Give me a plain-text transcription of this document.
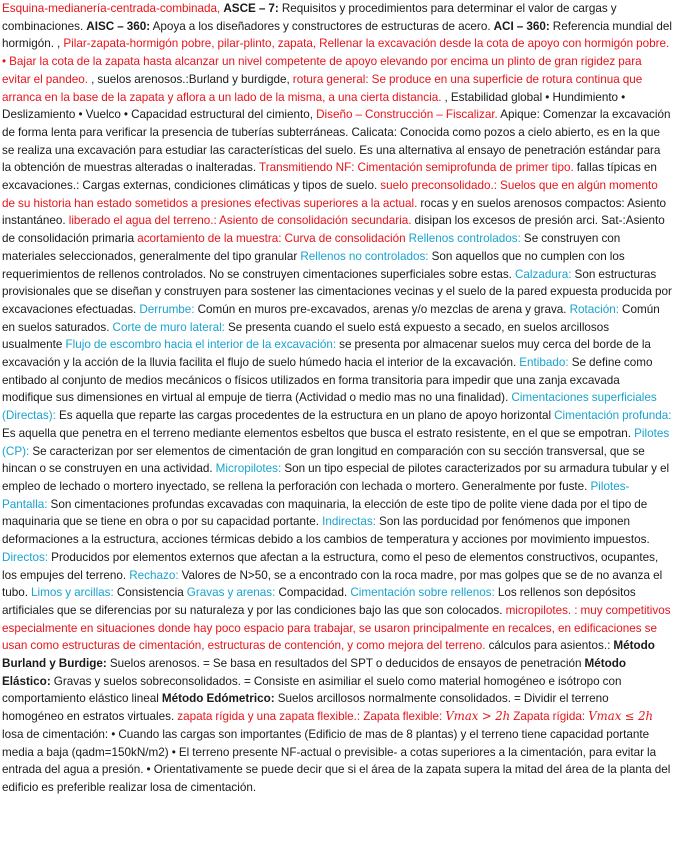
Esquina-medianería-centrada-combinada, ASCE – 7: Requisitos y procedimientos para determinar el valor de cargas y combinaciones. AISC – 360: Apoya a los diseñadores y constructores de estructuras de acero. ACI – 360: Referencia mundial del hormigón. , Pilar-zapata-hormigón pobre, pilar-plinto, zapata, Rellenar la excavación desde la cota de apoyo con hormigón pobre. • Bajar la cota de la zapata hasta alcanzar un nivel competente de apoyo elevando por encima un plinto de gran rigidez para evitar el pandeo. , suelos arenosos.:Burland y burdigde, rotura general: Se produce en una superficie de rotura continua que arranca en la base de la zapata y aflora a un lado de la misma, a una cierta distancia. , Estabilidad global • Hundimiento • Deslizamiento • Vuelco • Capacidad estructural del cimiento, Diseño – Construcción – Fiscalizar. Apique: Comenzar la excavación de forma lenta para verificar la presencia de tuberías subterráneas. Calicata: Conocida como pozos a cielo abierto, es en la que se realiza una excavación para estudiar las características del suelo. Es una alternativa al ensayo de penetración estándar para la obtención de muestras alteradas o inalteradas. Transmitiendo NF: Cimentación semiprofunda de primer tipo. fallas típicas en excavaciones.: Cargas externas, condiciones climáticas y tipos de suelo. suelo preconsolidado.: Suelos que en algún momento de su historia han estado sometidos a presiones efectivas superiores a la actual. rocas y en suelos arenosos compactos: Asiento instantáneo. liberado el agua del terreno.: Asiento de consolidación secundaria. disipan los excesos de presión arci. Sat-:Asiento de consolidación primaria acortamiento de la muestra: Curva de consolidación Rellenos controlados: Se construyen con materiales seleccionados, generalmente del tipo granular Rellenos no controlados: Son aquellos que no cumplen con los requerimientos de rellenos controlados. No se construyen cimentaciones superficiales sobre estas. Calzadura: Son estructuras provisionales que se diseñan y construyen para sostener las cimentaciones vecinas y el suelo de la pared expuesta producida por excavaciones efectuadas. Derrumbe: Común en muros pre-excavados, arenas y/o mezclas de arena y grava. Rotación: Común en suelos saturados. Corte de muro lateral: Se presenta cuando el suelo está expuesto a secado, en suelos arcillosos usualmente Flujo de escombro hacia el interior de la excavación: se presenta por almacenar suelos muy cerca del borde de la excavación y la acción de la lluvia facilita el flujo de suelo húmedo hacia el interior de la excavación. Entibado: Se define como entibado al conjunto de medios mecánicos o físicos utilizados en forma transitoria para impedir que una zanja excavada modifique sus dimensiones en virtual al empuje de tierra (Actividad o medio mas no una finalidad). Cimentaciones superficiales (Directas): Es aquella que reparte las cargas procedentes de la estructura en un plano de apoyo horizontal Cimentación profunda: Es aquella que penetra en el terreno mediante elementos esbeltos que busca el estrato resistente, en el que se empotran. Pilotes (CP): Se caracterizan por ser elementos de cimentación de gran longitud en comparación con su sección transversal, que se hincan o se construyen en una actividad. Micropilotes: Son un tipo especial de pilotes caracterizados por su armadura tubular y el empleo de lechado o mortero inyectado, se rellena la perforación con lechada o mortero. Generalmente por fuste. Pilotes-Pantalla: Son cimentaciones profundas excavadas con maquinaria, la elección de este tipo de polite viene dada por el tipo de maquinaria que se tiene en obra o por su capacidad portante. Indirectas: Son las porducidad por fenómenos que imponen deformaciones a la estructura, acciones térmicas debido a los cambios de temperatura y acciones por movimiento impuestos. Directos: Producidos por elementos externos que afectan a la estructura, como el peso de elementos constructivos, ocupantes, los empujes del terreno. Rechazo: Valores de N>50, se a encontrado con la roca madre, por mas golpes que se de no avanza el tubo. Limos y arcillas: Consistencia Gravas y arenas: Compacidad. Cimentación sobre rellenos: Los rellenos son depósitos artificiales que se diferencias por su naturaleza y por las condiciones bajo las que son colocados. micropilotes. : muy competitivos especialmente en situaciones donde hay poco espacio para trabajar, se usaron principalmente en recalces, en edificaciones se usan como estructuras de cimentación, estructuras de contención, y como mejora del terreno. cálculos para asientos.: Método Burland y Burdige: Suelos arenosos. = Se basa en resultados del SPT o deducidos de ensayos de penetración Método Elástico: Gravas y suelos sobreconsolidados. = Consiste en asimiliar el suelo como material homogéneo e isótropo con comportamiento elástico lineal Método Edómetrico: Suelos arcillosos normalmente consolidados. = Dividir el terreno homogéneo en estratos virtuales. zapata rígida y una zapata flexible.: Zapata flexible: Vmax > 2h Zapata rígida: Vmax ≤ 2h losa de cimentación: • Cuando las cargas son importantes (Edificio de mas de 8 plantas) y el terreno tiene capacidad portante media a baja (qadm=150kN/m2) • El terreno presente NF-actual o previsible- a cotas superiores a la cimentación, para evitar la entrada del agua a presión. • Orientativamente se puede decir que si el área de la zapata supera la mitad del área de la planta del edificio es preferible realizar losa de cimentación.
